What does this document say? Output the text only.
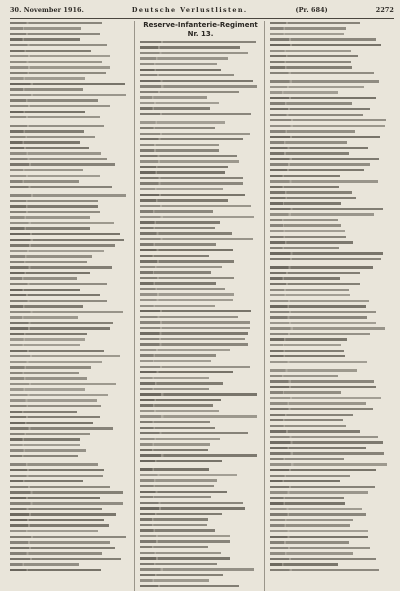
30. November 1916.	Deutsche Verlustlisten.	(Pr. 684)	2272
Reserve-Infanterie-Regiment Nr. 13.
